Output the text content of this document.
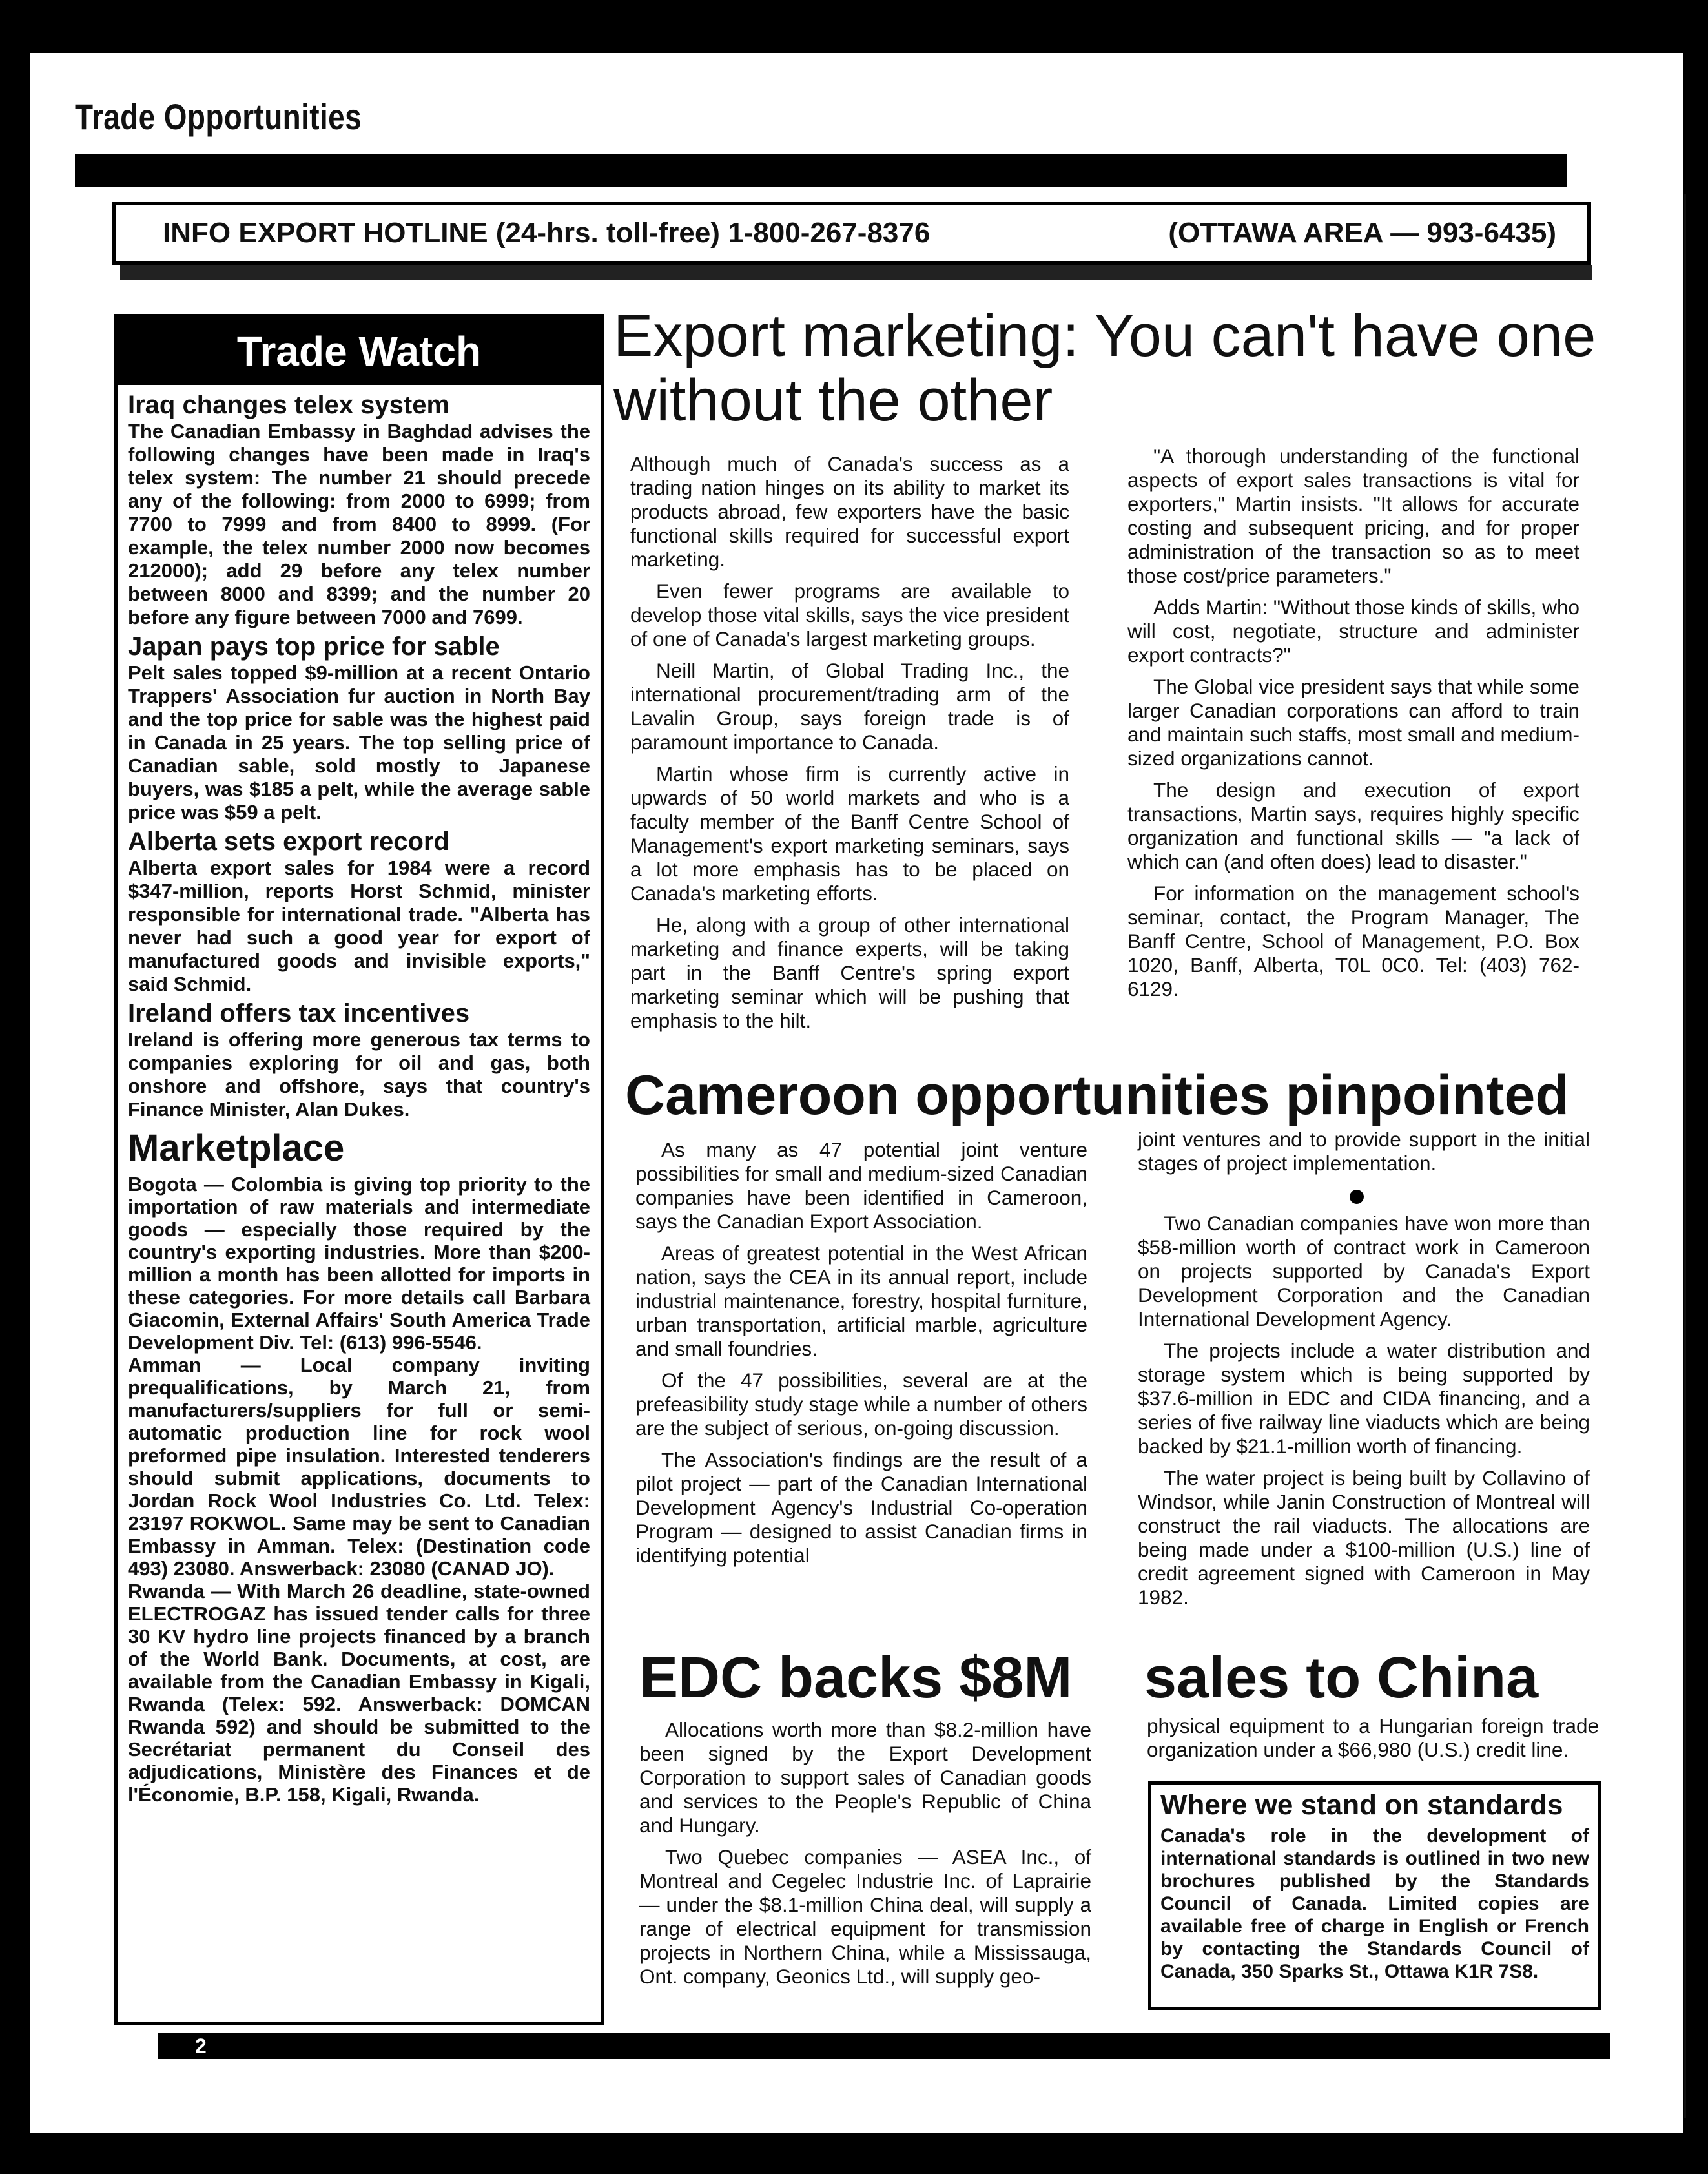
Trade Opportunities
INFO EXPORT HOTLINE (24-hrs. toll-free) 1-800-267-8376	(OTTAWA AREA — 993-6435)
Trade Watch
Iraq changes telex system

The Canadian Embassy in Baghdad advises the following changes have been made in Iraq's telex system: The number 21 should precede any of the following: from 2000 to 6999; from 7700 to 7999 and from 8400 to 8999. (For example, the telex number 2000 now becomes 212000); add 29 before any telex number between 8000 and 8399; and the number 20 before any figure between 7000 and 7699.

Japan pays top price for sable

Pelt sales topped $9-million at a recent Ontario Trappers' Association fur auction in North Bay and the top price for sable was the highest paid in Canada in 25 years. The top selling price of Canadian sable, sold mostly to Japanese buyers, was $185 a pelt, while the average sable price was $59 a pelt.

Alberta sets export record

Alberta export sales for 1984 were a record $347-million, reports Horst Schmid, minister responsible for international trade. "Alberta has never had such a good year for export of manufactured goods and invisible exports," said Schmid.

Ireland offers tax incentives

Ireland is offering more generous tax terms to companies exploring for oil and gas, both onshore and offshore, says that country's Finance Minister, Alan Dukes.

Marketplace

Bogota — Colombia is giving top priority to the importation of raw materials and intermediate goods — especially those required by the country's exporting industries. More than $200-million a month has been allotted for imports in these categories. For more details call Barbara Giacomin, External Affairs' South America Trade Development Div. Tel: (613) 996-5546.

Amman — Local company inviting prequalifications, by March 21, from manufacturers/suppliers for full or semi-automatic production line for rock wool preformed pipe insulation. Interested tenderers should submit applications, documents to Jordan Rock Wool Industries Co. Ltd. Telex: 23197 ROKWOL. Same may be sent to Canadian Embassy in Amman. Telex: (Destination code 493) 23080. Answerback: 23080 (CANAD JO).

Rwanda — With March 26 deadline, state-owned ELECTROGAZ has issued tender calls for three 30 KV hydro line projects financed by a branch of the World Bank. Documents, at cost, are available from the Canadian Embassy in Kigali, Rwanda (Telex: 592. Answerback: DOMCAN Rwanda 592) and should be submitted to the Secrétariat permanent du Conseil des adjudications, Ministère des Finances et de l'Économie, B.P. 158, Kigali, Rwanda.

Export marketing: You can't have one without the other

Although much of Canada's success as a trading nation hinges on its ability to market its products abroad, few exporters have the basic functional skills required for successful export marketing.

Even fewer programs are available to develop those vital skills, says the vice president of one of Canada's largest marketing groups.

Neill Martin, of Global Trading Inc., the international procurement/trading arm of the Lavalin Group, says foreign trade is of paramount importance to Canada.

Martin whose firm is currently active in upwards of 50 world markets and who is a faculty member of the Banff Centre School of Management's export marketing seminars, says a lot more emphasis has to be placed on Canada's marketing efforts.

He, along with a group of other international marketing and finance experts, will be taking part in the Banff Centre's spring export marketing seminar which will be pushing that emphasis to the hilt.

"A thorough understanding of the functional aspects of export sales transactions is vital for exporters," Martin insists. "It allows for accurate costing and subsequent pricing, and for proper administration of the transaction so as to meet those cost/price parameters."

Adds Martin: "Without those kinds of skills, who will cost, negotiate, structure and administer export contracts?"

The Global vice president says that while some larger Canadian corporations can afford to train and maintain such staffs, most small and medium-sized organizations cannot.

The design and execution of export transactions, Martin says, requires highly specific organization and functional skills — "a lack of which can (and often does) lead to disaster."

For information on the management school's seminar, contact, the Program Manager, The Banff Centre, School of Management, P.O. Box 1020, Banff, Alberta, T0L 0C0. Tel: (403) 762-6129.

Cameroon opportunities pinpointed

As many as 47 potential joint venture possibilities for small and medium-sized Canadian companies have been identified in Cameroon, says the Canadian Export Association.

Areas of greatest potential in the West African nation, says the CEA in its annual report, include industrial maintenance, forestry, hospital furniture, urban transportation, artificial marble, agriculture and small foundries.

Of the 47 possibilities, several are at the prefeasibility study stage while a number of others are the subject of serious, on-going discussion.

The Association's findings are the result of a pilot project — part of the Canadian International Development Agency's Industrial Co-operation Program — designed to assist Canadian firms in identifying potential

joint ventures and to provide support in the initial stages of project implementation.

Two Canadian companies have won more than $58-million worth of contract work in Cameroon on projects supported by Canada's Export Development Corporation and the Canadian International Development Agency.

The projects include a water distribution and storage system which is being supported by $37.6-million in EDC and CIDA financing, and a series of five railway line viaducts which are being backed by $21.1-million worth of financing.

The water project is being built by Collavino of Windsor, while Janin Construction of Montreal will construct the rail viaducts. The allocations are being made under a $100-million (U.S.) line of credit agreement signed with Cameroon in May 1982.

EDC backs $8M sales to China

Allocations worth more than $8.2-million have been signed by the Export Development Corporation to support sales of Canadian goods and services to the People's Republic of China and Hungary.

Two Quebec companies — ASEA Inc., of Montreal and Cegelec Industrie Inc. of Laprairie — under the $8.1-million China deal, will supply a range of electrical equipment for transmission projects in Northern China, while a Mississauga, Ont. company, Geonics Ltd., will supply geo-

physical equipment to a Hungarian foreign trade organization under a $66,980 (U.S.) credit line.

Where we stand on standards

Canada's role in the development of international standards is outlined in two new brochures published by the Standards Council of Canada. Limited copies are available free of charge in English or French by contacting the Standards Council of Canada, 350 Sparks St., Ottawa K1R 7S8.

2
